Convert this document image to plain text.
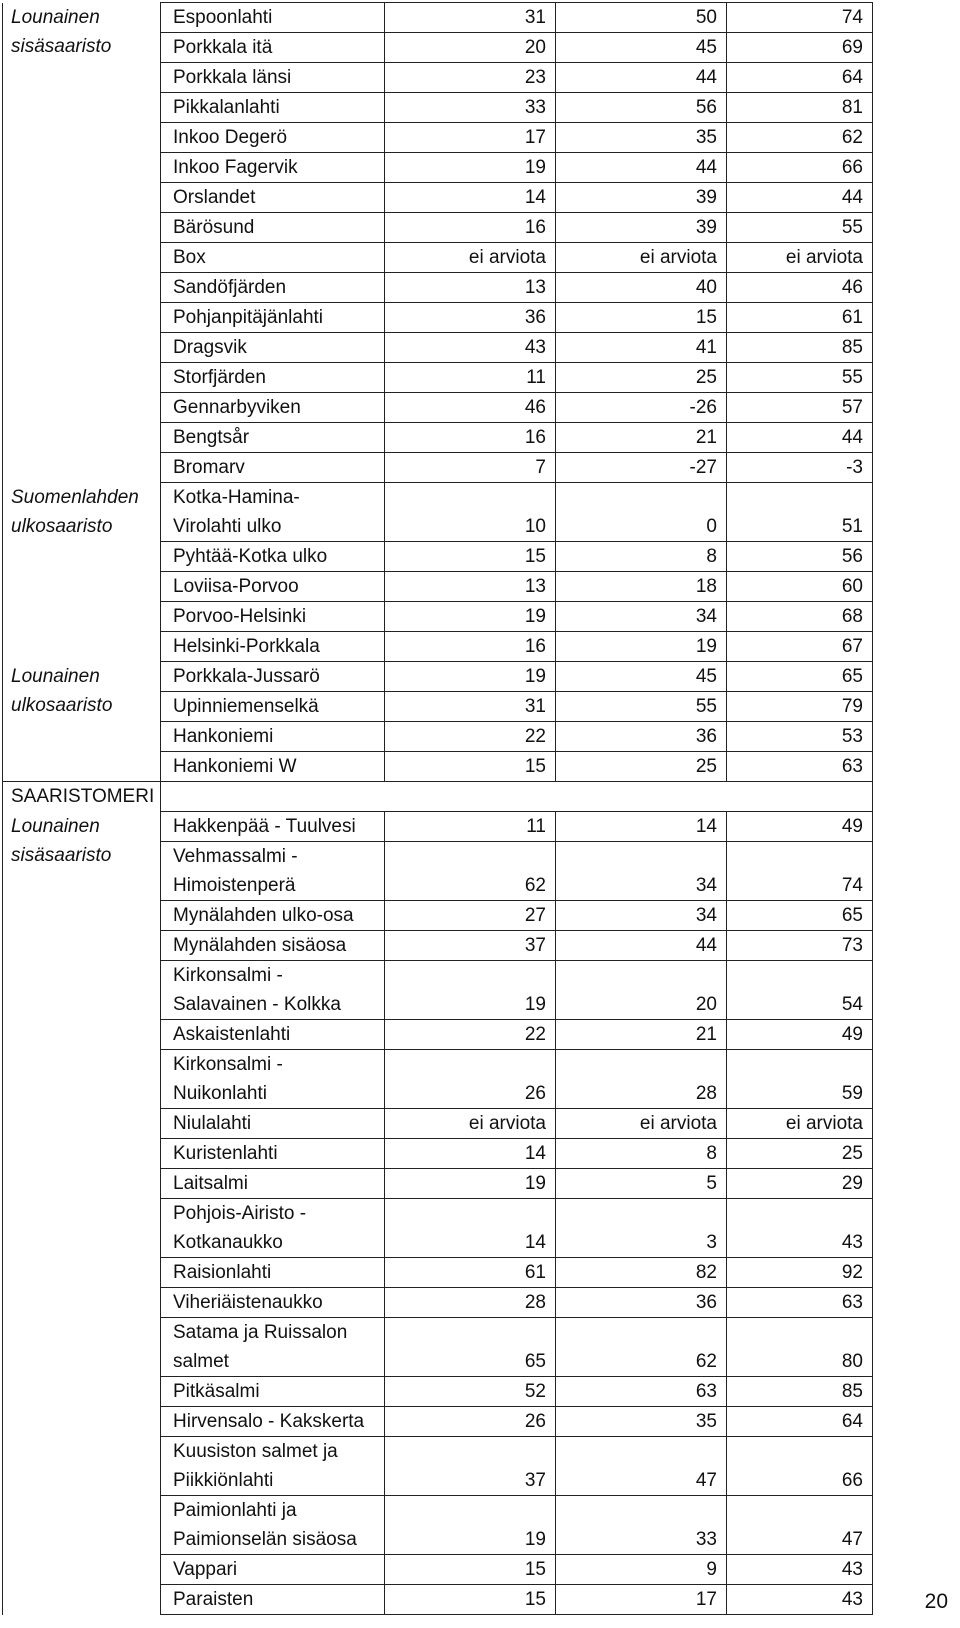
Lounainen
sisäsaaristo	Espoonlahti	31	50	74
	Porkkala itä	20	45	69
	Porkkala länsi	23	44	64
	Pikkalanlahti	33	56	81
	Inkoo Degerö	17	35	62
	Inkoo Fagervik	19	44	66
	Orslandet	14	39	44
	Bärösund	16	39	55
	Box	ei arviota	ei arviota	ei arviota
	Sandöfjärden	13	40	46
	Pohjanpitäjänlahti	36	15	61
	Dragsvik	43	41	85
	Storfjärden	11	25	55
	Gennarbyviken	46	-26	57
	Bengtsår	16	21	44
	Bromarv	7	-27	-3

Suomenlahden
ulkosaaristo	Kotka-Hamina-
Virolahti ulko	10	0	51
	Pyhtää-Kotka ulko	15	8	56
	Loviisa-Porvoo	13	18	60
	Porvoo-Helsinki	19	34	68
	Helsinki-Porkkala	16	19	67

Lounainen
ulkosaaristo	Porkkala-Jussarö	19	45	65
	Upinniemenselkä	31	55	79
	Hankoniemi	22	36	53
	Hankoniemi W	15	25	63

SAARISTOMERI				

Lounainen
sisäsaaristo	Hakkenpää - Tuulvesi	11	14	49
	Vehmassalmi -
Himoistenperä	62	34	74
	Mynälahden ulko-osa	27	34	65
	Mynälahden sisäosa	37	44	73
	Kirkonsalmi -
Salavainen - Kolkka	19	20	54
	Askaistenlahti	22	21	49
	Kirkonsalmi -
Nuikonlahti	26	28	59
	Niulalahti	ei arviota	ei arviota	ei arviota
	Kuristenlahti	14	8	25
	Laitsalmi	19	5	29
	Pohjois-Airisto -
Kotkanaukko	14	3	43
	Raisionlahti	61	82	92
	Viheriäistenaukko	28	36	63
	Satama ja Ruissalon
salmet	65	62	80
	Pitkäsalmi	52	63	85
	Hirvensalo - Kakskerta	26	35	64
	Kuusiston salmet ja
Piikkiönlahti	37	47	66
	Paimionlahti ja
Paimionselän sisäosa	19	33	47
	Vappari	15	9	43
	Paraisten	15	17	43	20
